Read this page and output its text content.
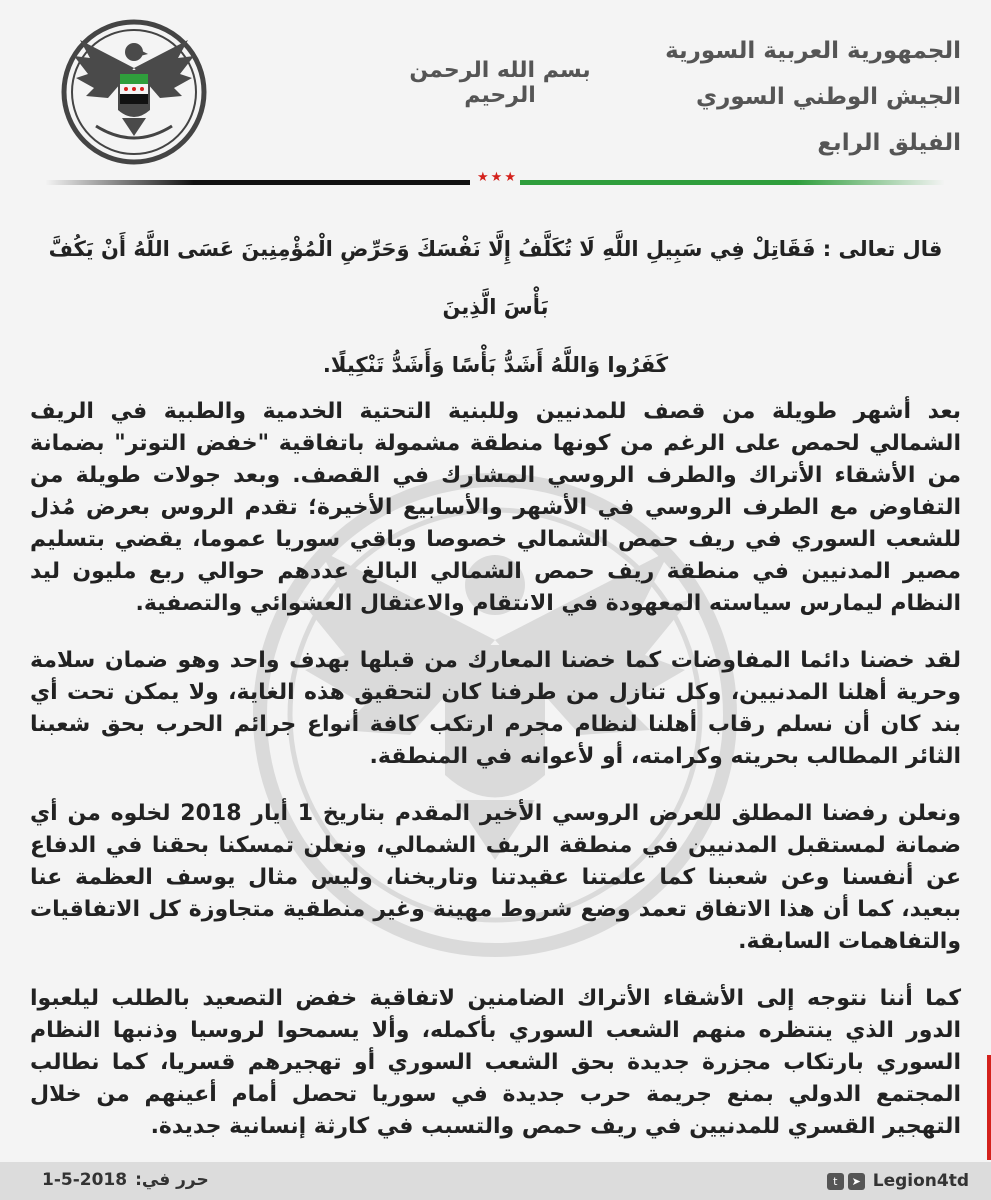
الجمهورية العربية السورية
الجيش الوطني السوري
الفيلق الرابع
بسم الله الرحمن الرحيم
★★★
قال تعالى : فَقَاتِلْ فِي سَبِيلِ اللَّهِ لَا تُكَلَّفُ إِلَّا نَفْسَكَ وَحَرِّضِ الْمُؤْمِنِينَ عَسَى اللَّهُ أَنْ يَكُفَّ بَأْسَ الَّذِينَ
كَفَرُوا وَاللَّهُ أَشَدُّ بَأْسًا وَأَشَدُّ تَنْكِيلًا.

بعد أشهر طويلة من قصف للمدنيين وللبنية التحتية الخدمية والطبية في الريف الشمالي لحمص على الرغم من كونها منطقة مشمولة باتفاقية "خفض التوتر" بضمانة من الأشقاء الأتراك والطرف الروسي المشارك في القصف. وبعد جولات طويلة من التفاوض مع الطرف الروسي في الأشهر والأسابيع الأخيرة؛ تقدم الروس بعرض مُذل للشعب السوري في ريف حمص الشمالي خصوصا وباقي سوريا عموما، يقضي بتسليم مصير المدنيين في منطقة ريف حمص الشمالي البالغ عددهم حوالي ربع مليون ليد النظام ليمارس سياسته المعهودة في الانتقام والاعتقال العشوائي والتصفية.

لقد خضنا دائما المفاوضات كما خضنا المعارك من قبلها بهدف واحد وهو ضمان سلامة وحرية أهلنا المدنيين، وكل تنازل من طرفنا كان لتحقيق هذه الغاية، ولا يمكن تحت أي بند كان أن نسلم رقاب أهلنا لنظام مجرم ارتكب كافة أنواع جرائم الحرب بحق شعبنا الثائر المطالب بحريته وكرامته، أو لأعوانه في المنطقة.

ونعلن رفضنا المطلق للعرض الروسي الأخير المقدم بتاريخ 1 أيار 2018 لخلوه من أي ضمانة لمستقبل المدنيين في منطقة الريف الشمالي، ونعلن تمسكنا بحقنا في الدفاع عن أنفسنا وعن شعبنا كما علمتنا عقيدتنا وتاريخنا، وليس مثال يوسف العظمة عنا ببعيد، كما أن هذا الاتفاق تعمد وضع شروط مهينة وغير منطقية متجاوزة كل الاتفاقيات والتفاهمات السابقة.

كما أننا نتوجه إلى الأشقاء الأتراك الضامنين لاتفاقية خفض التصعيد بالطلب ليلعبوا الدور الذي ينتظره منهم الشعب السوري بأكمله، وألا يسمحوا لروسيا وذنبها النظام السوري بارتكاب مجزرة جديدة بحق الشعب السوري أو تهجيرهم قسريا، كما نطالب المجتمع الدولي بمنع جريمة حرب جديدة في سوريا تحصل أمام أعينهم من خلال التهجير القسري للمدنيين في ريف حمص والتسبب في كارثة إنسانية جديدة.

t	➤ Legion4td
حرر في:
1-5-2018
